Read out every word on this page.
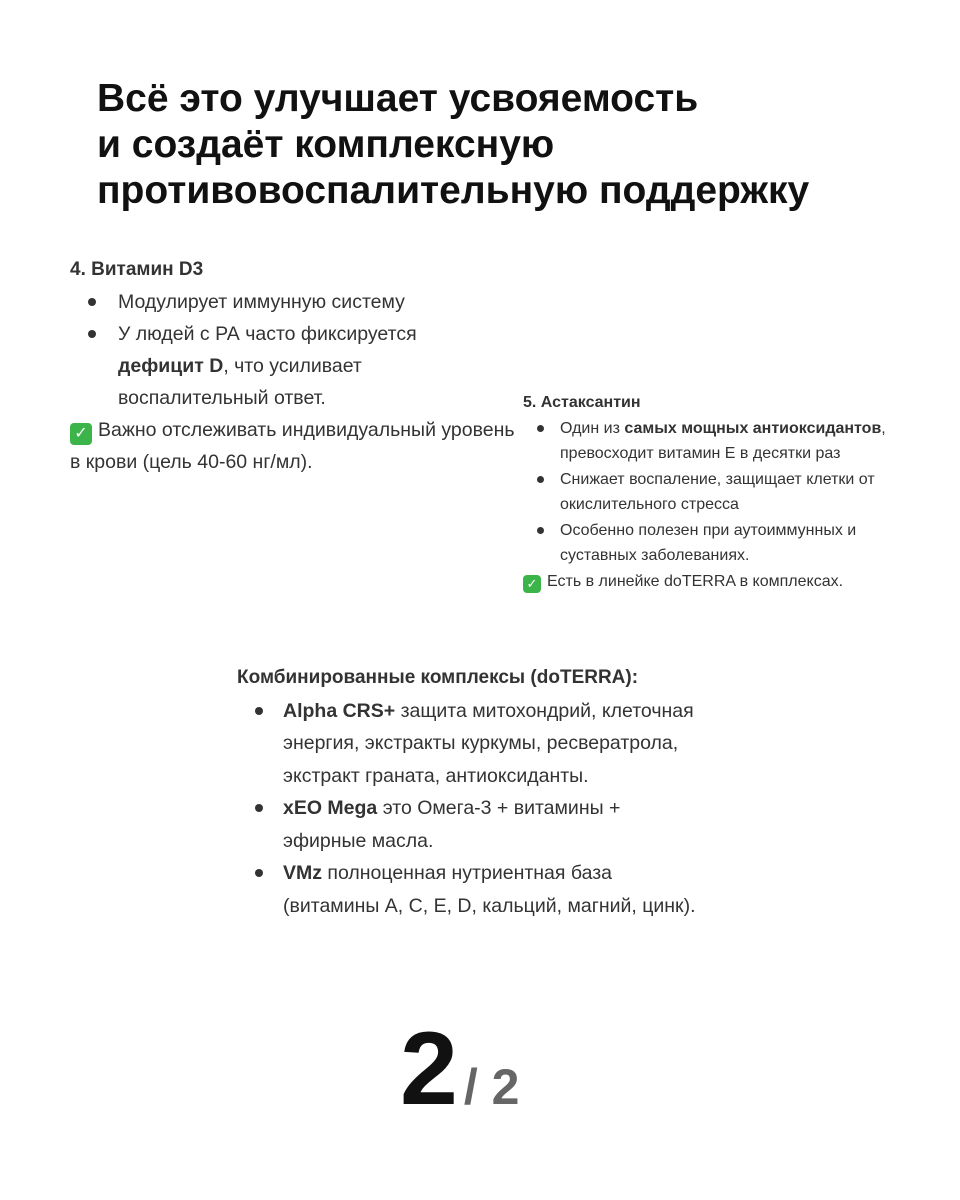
Всё это улучшает усвояемость
и создаёт комплексную
противовоспалительную поддержку
4. Витамин D3
Модулирует иммунную систему
У людей с РА часто фиксируется дефицит D, что усиливает воспалительный ответ.
✓ Важно отслеживать индивидуальный уровень в крови (цель 40-60 нг/мл).
5. Астаксантин
Один из самых мощных антиоксидантов, превосходит витамин E в десятки раз
Снижает воспаление, защищает клетки от окислительного стресса
Особенно полезен при аутоиммунных и суставных заболеваниях.
✓ Есть в линейке doTERRA в комплексах.
Комбинированные комплексы (doTERRA):
Alpha CRS+ защита митохондрий, клеточная энергия, экстракты куркумы, ресвератрола, экстракт граната, антиоксиданты.
xEO Mega это Омега-3 + витамины + эфирные масла.
VMz полноценная нутриентная база (витамины A, C, E, D, кальций, магний, цинк).
2 / 2
